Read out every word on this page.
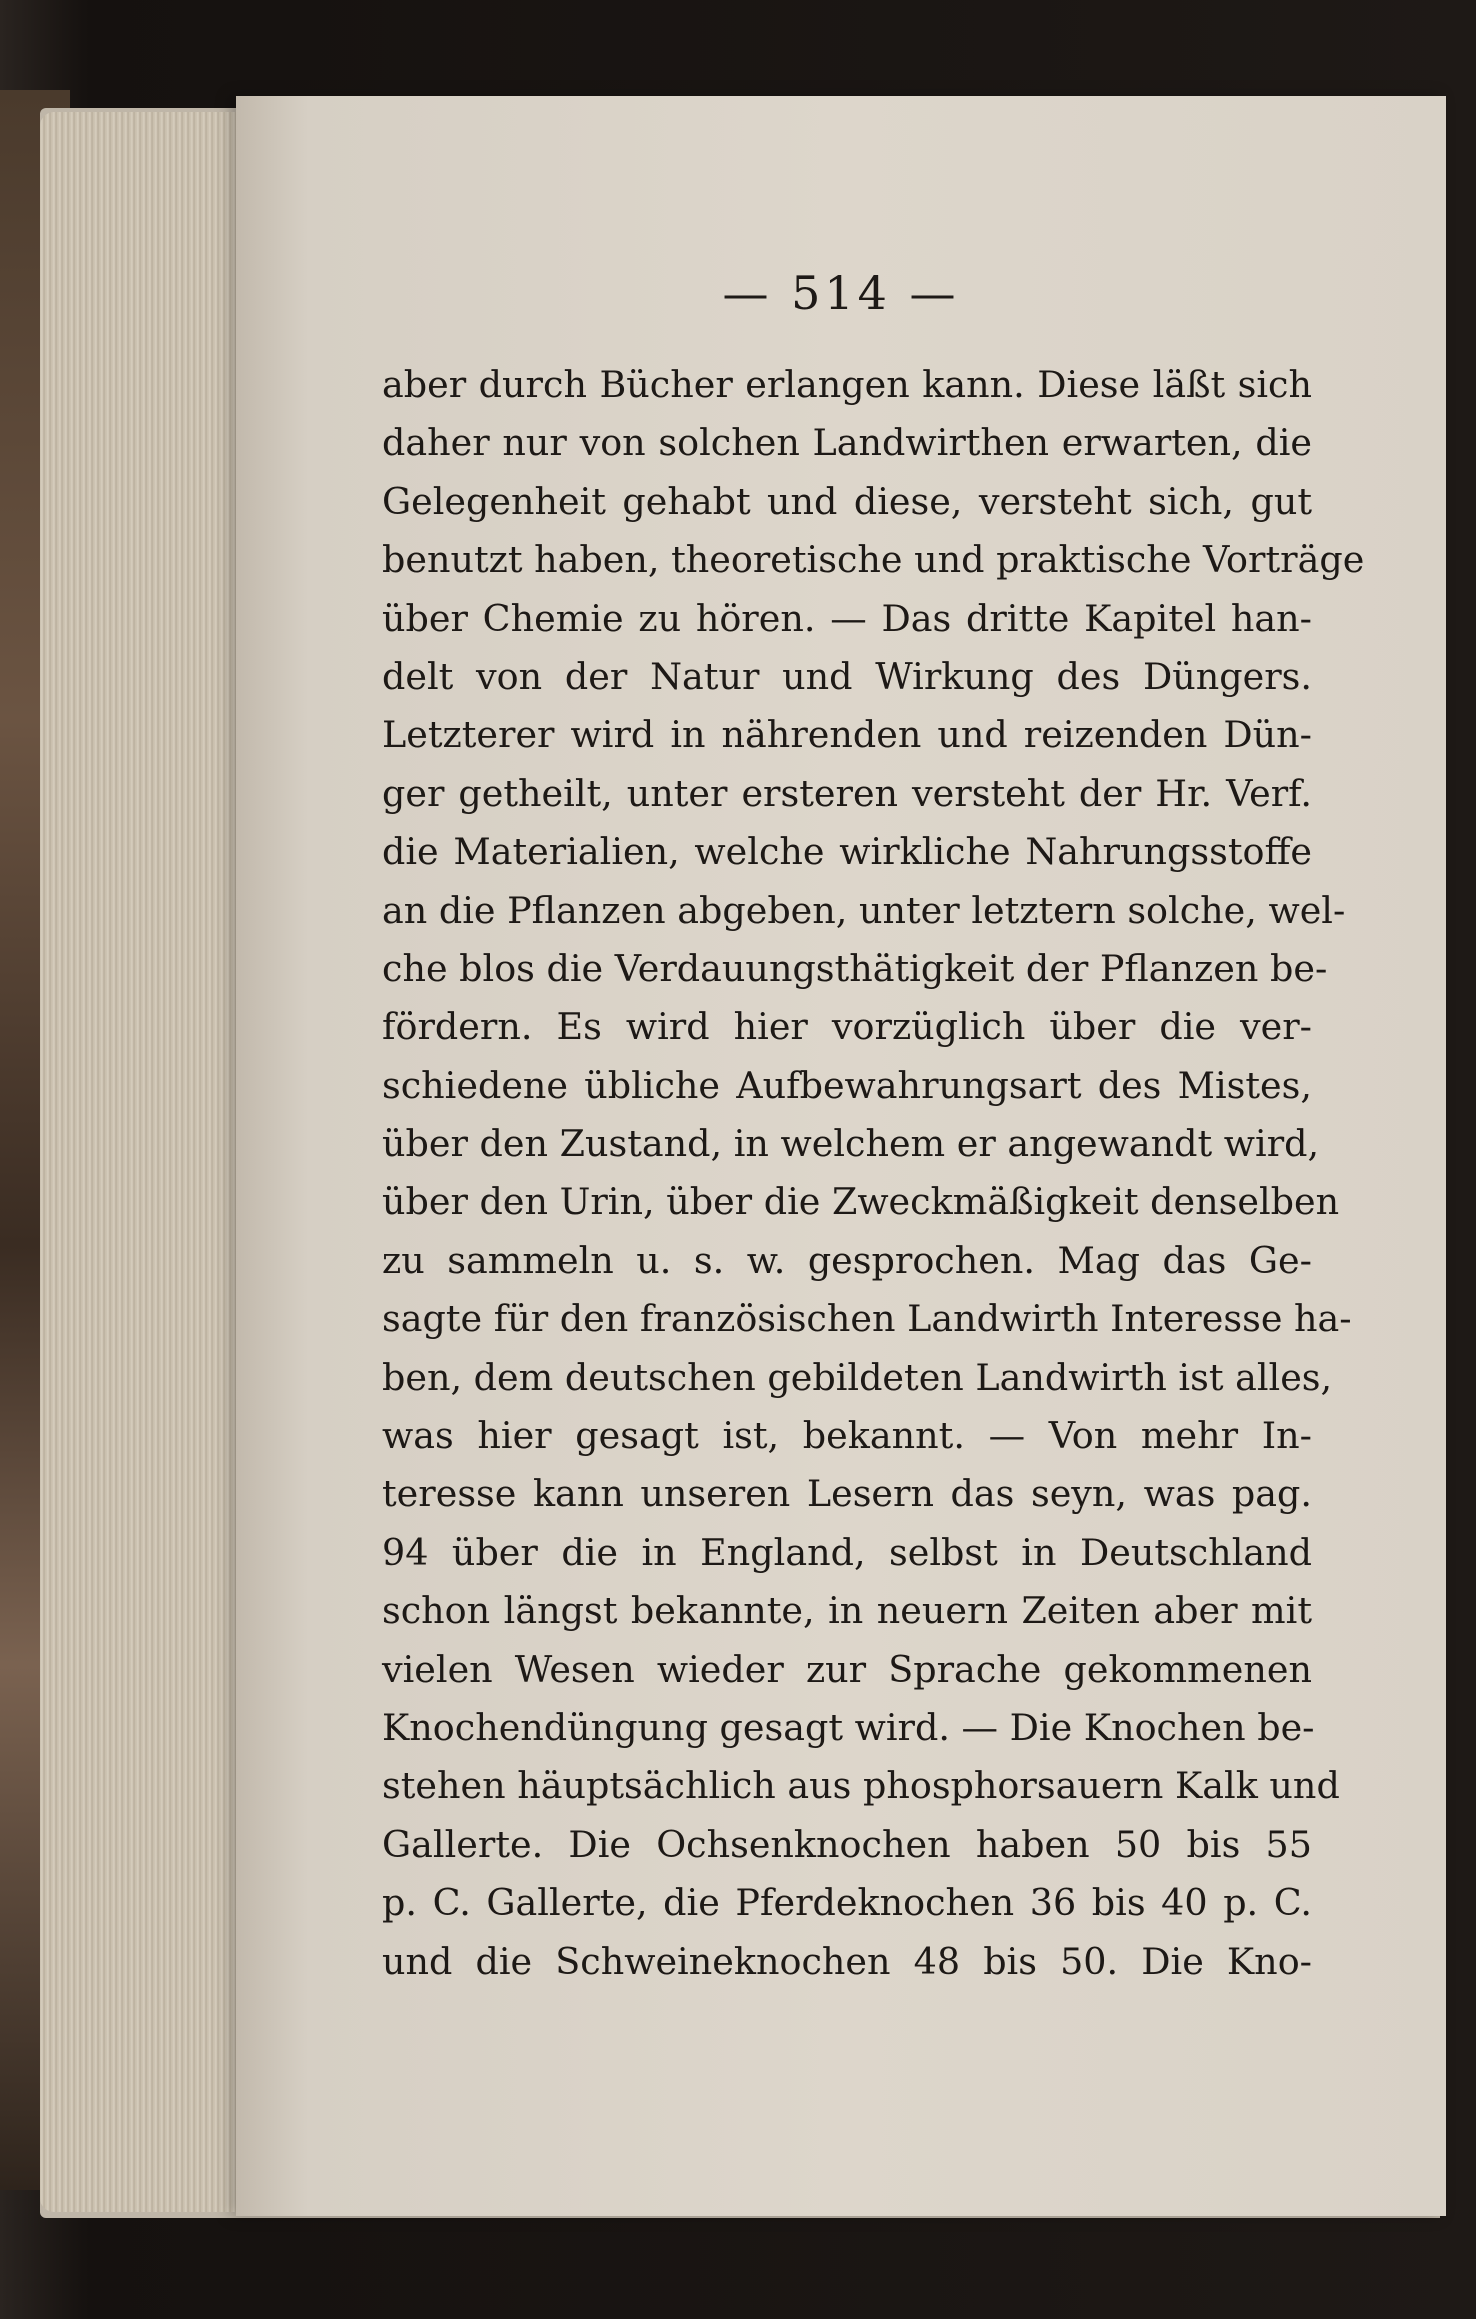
— 514 —
aber durch Bücher erlangen kann. Diese läßt sich
daher nur von solchen Landwirthen erwarten, die
Gelegenheit gehabt und diese, versteht sich, gut
benutzt haben, theoretische und praktische Vorträge
über Chemie zu hören. — Das dritte Kapitel han-
delt von der Natur und Wirkung des Düngers.
Letzterer wird in nährenden und reizenden Dün-
ger getheilt, unter ersteren versteht der Hr. Verf.
die Materialien, welche wirkliche Nahrungsstoffe
an die Pflanzen abgeben, unter letztern solche, wel-
che blos die Verdauungsthätigkeit der Pflanzen be-
fördern. Es wird hier vorzüglich über die ver-
schiedene übliche Aufbewahrungsart des Mistes,
über den Zustand, in welchem er angewandt wird,
über den Urin, über die Zweckmäßigkeit denselben
zu sammeln u. s. w. gesprochen. Mag das Ge-
sagte für den französischen Landwirth Interesse ha-
ben, dem deutschen gebildeten Landwirth ist alles,
was hier gesagt ist, bekannt. — Von mehr In-
teresse kann unseren Lesern das seyn, was pag.
94 über die in England, selbst in Deutschland
schon längst bekannte, in neuern Zeiten aber mit
vielen Wesen wieder zur Sprache gekommenen
Knochendüngung gesagt wird. — Die Knochen be-
stehen häuptsächlich aus phosphorsauern Kalk und
Gallerte. Die Ochsenknochen haben 50 bis 55
p. C. Gallerte, die Pferdeknochen 36 bis 40 p. C.
und die Schweineknochen 48 bis 50. Die Kno-
